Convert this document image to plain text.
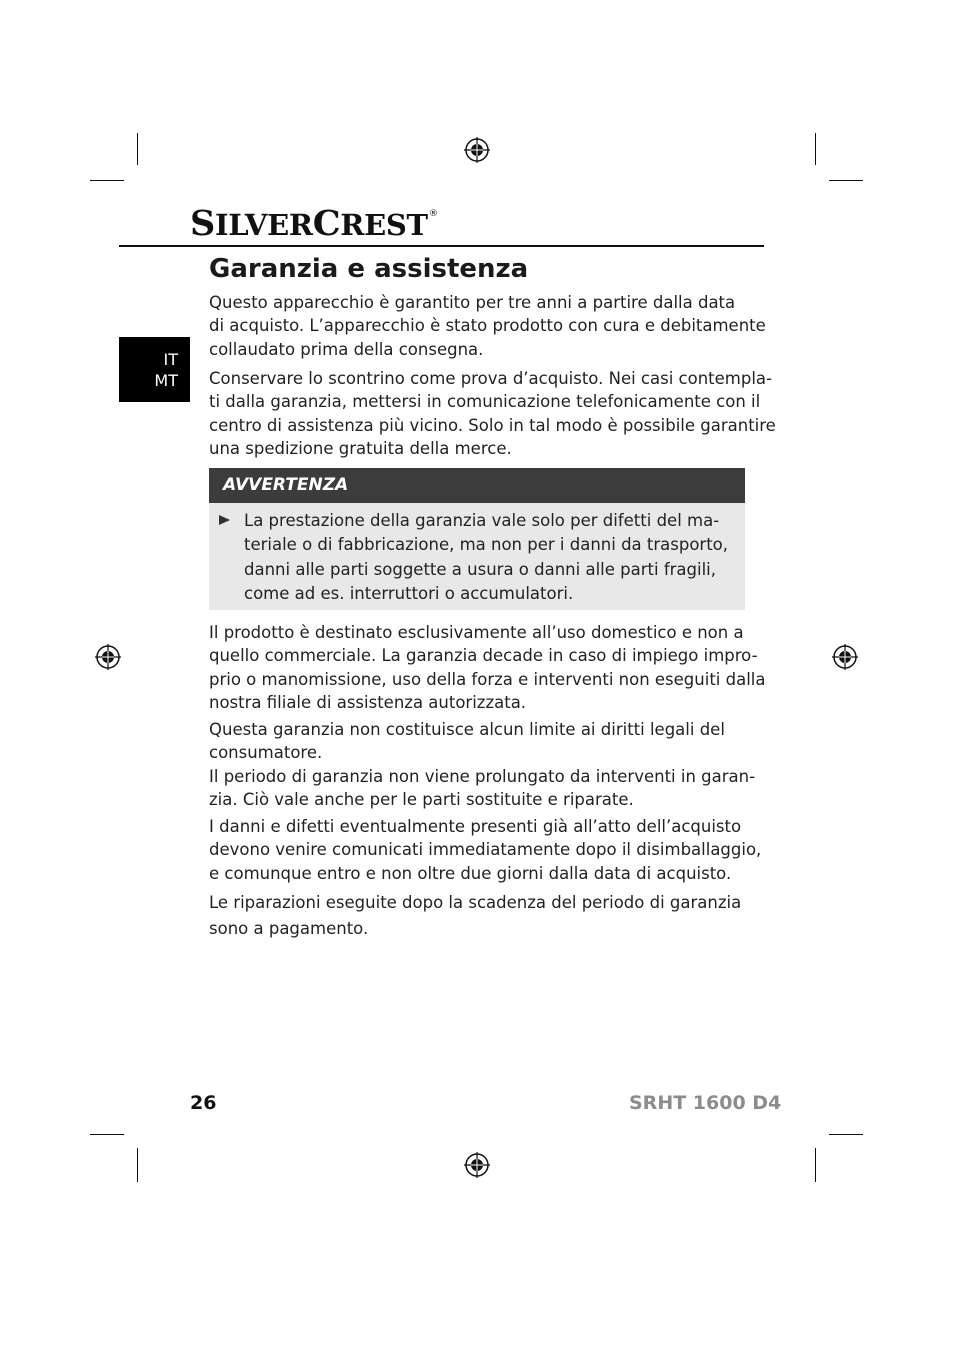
SILVERCREST®
IT
MT
Garanzia e assistenza

Questo apparecchio è garantito per tre anni a partire dalla data
di acquisto. L’apparecchio è stato prodotto con cura e debitamente
collaudato prima della consegna.

Conservare lo scontrino come prova d’acquisto. Nei casi contempla-
ti dalla garanzia, mettersi in comunicazione telefonicamente con il
centro di assistenza più vicino. Solo in tal modo è possibile garantire
una spedizione gratuita della merce.

AVVERTENZA
La prestazione della garanzia vale solo per difetti del ma-
teriale o di fabbricazione, ma non per i danni da trasporto,
danni alle parti soggette a usura o danni alle parti fragili,
come ad es. interruttori o accumulatori.

Il prodotto è destinato esclusivamente all’uso domestico e non a
quello commerciale. La garanzia decade in caso di impiego impro-
prio o manomissione, uso della forza e interventi non eseguiti dalla
nostra filiale di assistenza autorizzata.

Questa garanzia non costituisce alcun limite ai diritti legali del
consumatore.
Il periodo di garanzia non viene prolungato da interventi in garan-
zia. Ciò vale anche per le parti sostituite e riparate.

I danni e difetti eventualmente presenti già all’atto dell’acquisto
devono venire comunicati immediatamente dopo il disimballaggio,
e comunque entro e non oltre due giorni dalla data di acquisto.

Le riparazioni eseguite dopo la scadenza del periodo di garanzia
sono a pagamento.

26	SRHT 1600 D4
